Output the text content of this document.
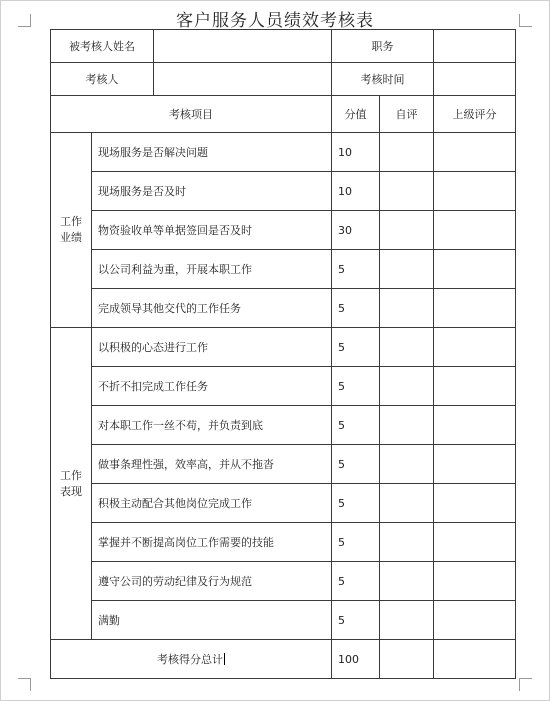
客户服务人员绩效考核表
被考核人姓名			职务		
考核人			考核时间		
考核项目			分值	自评	上级评分
工作
业绩	现场服务是否解决问题		10		
	现场服务是否及时		10		
	物资验收单等单据签回是否及时		30		
	以公司利益为重，开展本职工作		5		
	完成领导其他交代的工作任务		5		
工作
表现	以积极的心态进行工作		5		
	不折不扣完成工作任务		5		
	对本职工作一丝不苟，并负责到底		5		
	做事条理性强，效率高，并从不拖沓		5		
	积极主动配合其他岗位完成工作		5		
	掌握并不断提高岗位工作需要的技能		5		
	遵守公司的劳动纪律及行为规范		5		
	满勤		5		
考核得分总计			100		
